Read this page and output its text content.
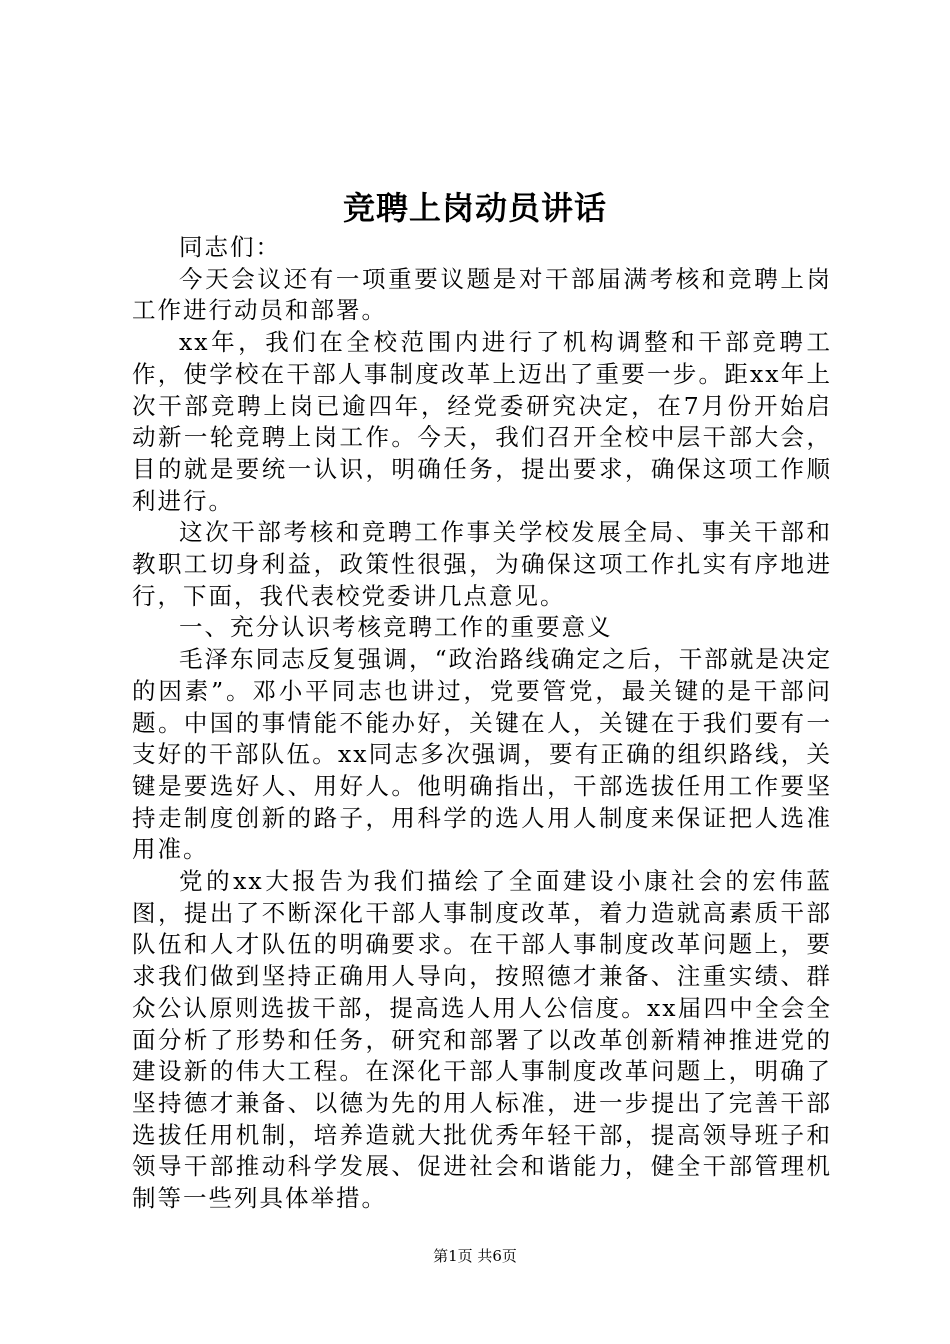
竞聘上岗动员讲话

同志们：

今天会议还有一项重要议题是对干部届满考核和竞聘上岗工作进行动员和部署。

xx年，我们在全校范围内进行了机构调整和干部竞聘工作，使学校在干部人事制度改革上迈出了重要一步。距xx年上次干部竞聘上岗已逾四年，经党委研究决定，在7月份开始启动新一轮竞聘上岗工作。今天，我们召开全校中层干部大会，目的就是要统一认识，明确任务，提出要求，确保这项工作顺利进行。

这次干部考核和竞聘工作事关学校发展全局、事关干部和教职工切身利益，政策性很强，为确保这项工作扎实有序地进行，下面，我代表校党委讲几点意见。

一、充分认识考核竞聘工作的重要意义

毛泽东同志反复强调，“政治路线确定之后，干部就是决定的因素”。邓小平同志也讲过，党要管党，最关键的是干部问题。中国的事情能不能办好，关键在人，关键在于我们要有一支好的干部队伍。xx同志多次强调，要有正确的组织路线，关键是要选好人、用好人。他明确指出，干部选拔任用工作要坚持走制度创新的路子，用科学的选人用人制度来保证把人选准用准。

党的xx大报告为我们描绘了全面建设小康社会的宏伟蓝图，提出了不断深化干部人事制度改革，着力造就高素质干部队伍和人才队伍的明确要求。在干部人事制度改革问题上，要求我们做到坚持正确用人导向，按照德才兼备、注重实绩、群众公认原则选拔干部，提高选人用人公信度。xx届四中全会全面分析了形势和任务，研究和部署了以改革创新精神推进党的建设新的伟大工程。在深化干部人事制度改革问题上，明确了坚持德才兼备、以德为先的用人标准，进一步提出了完善干部选拔任用机制，培养造就大批优秀年轻干部，提高领导班子和领导干部推动科学发展、促进社会和谐能力，健全干部管理机制等一些列具体举措。

第1页 共6页
